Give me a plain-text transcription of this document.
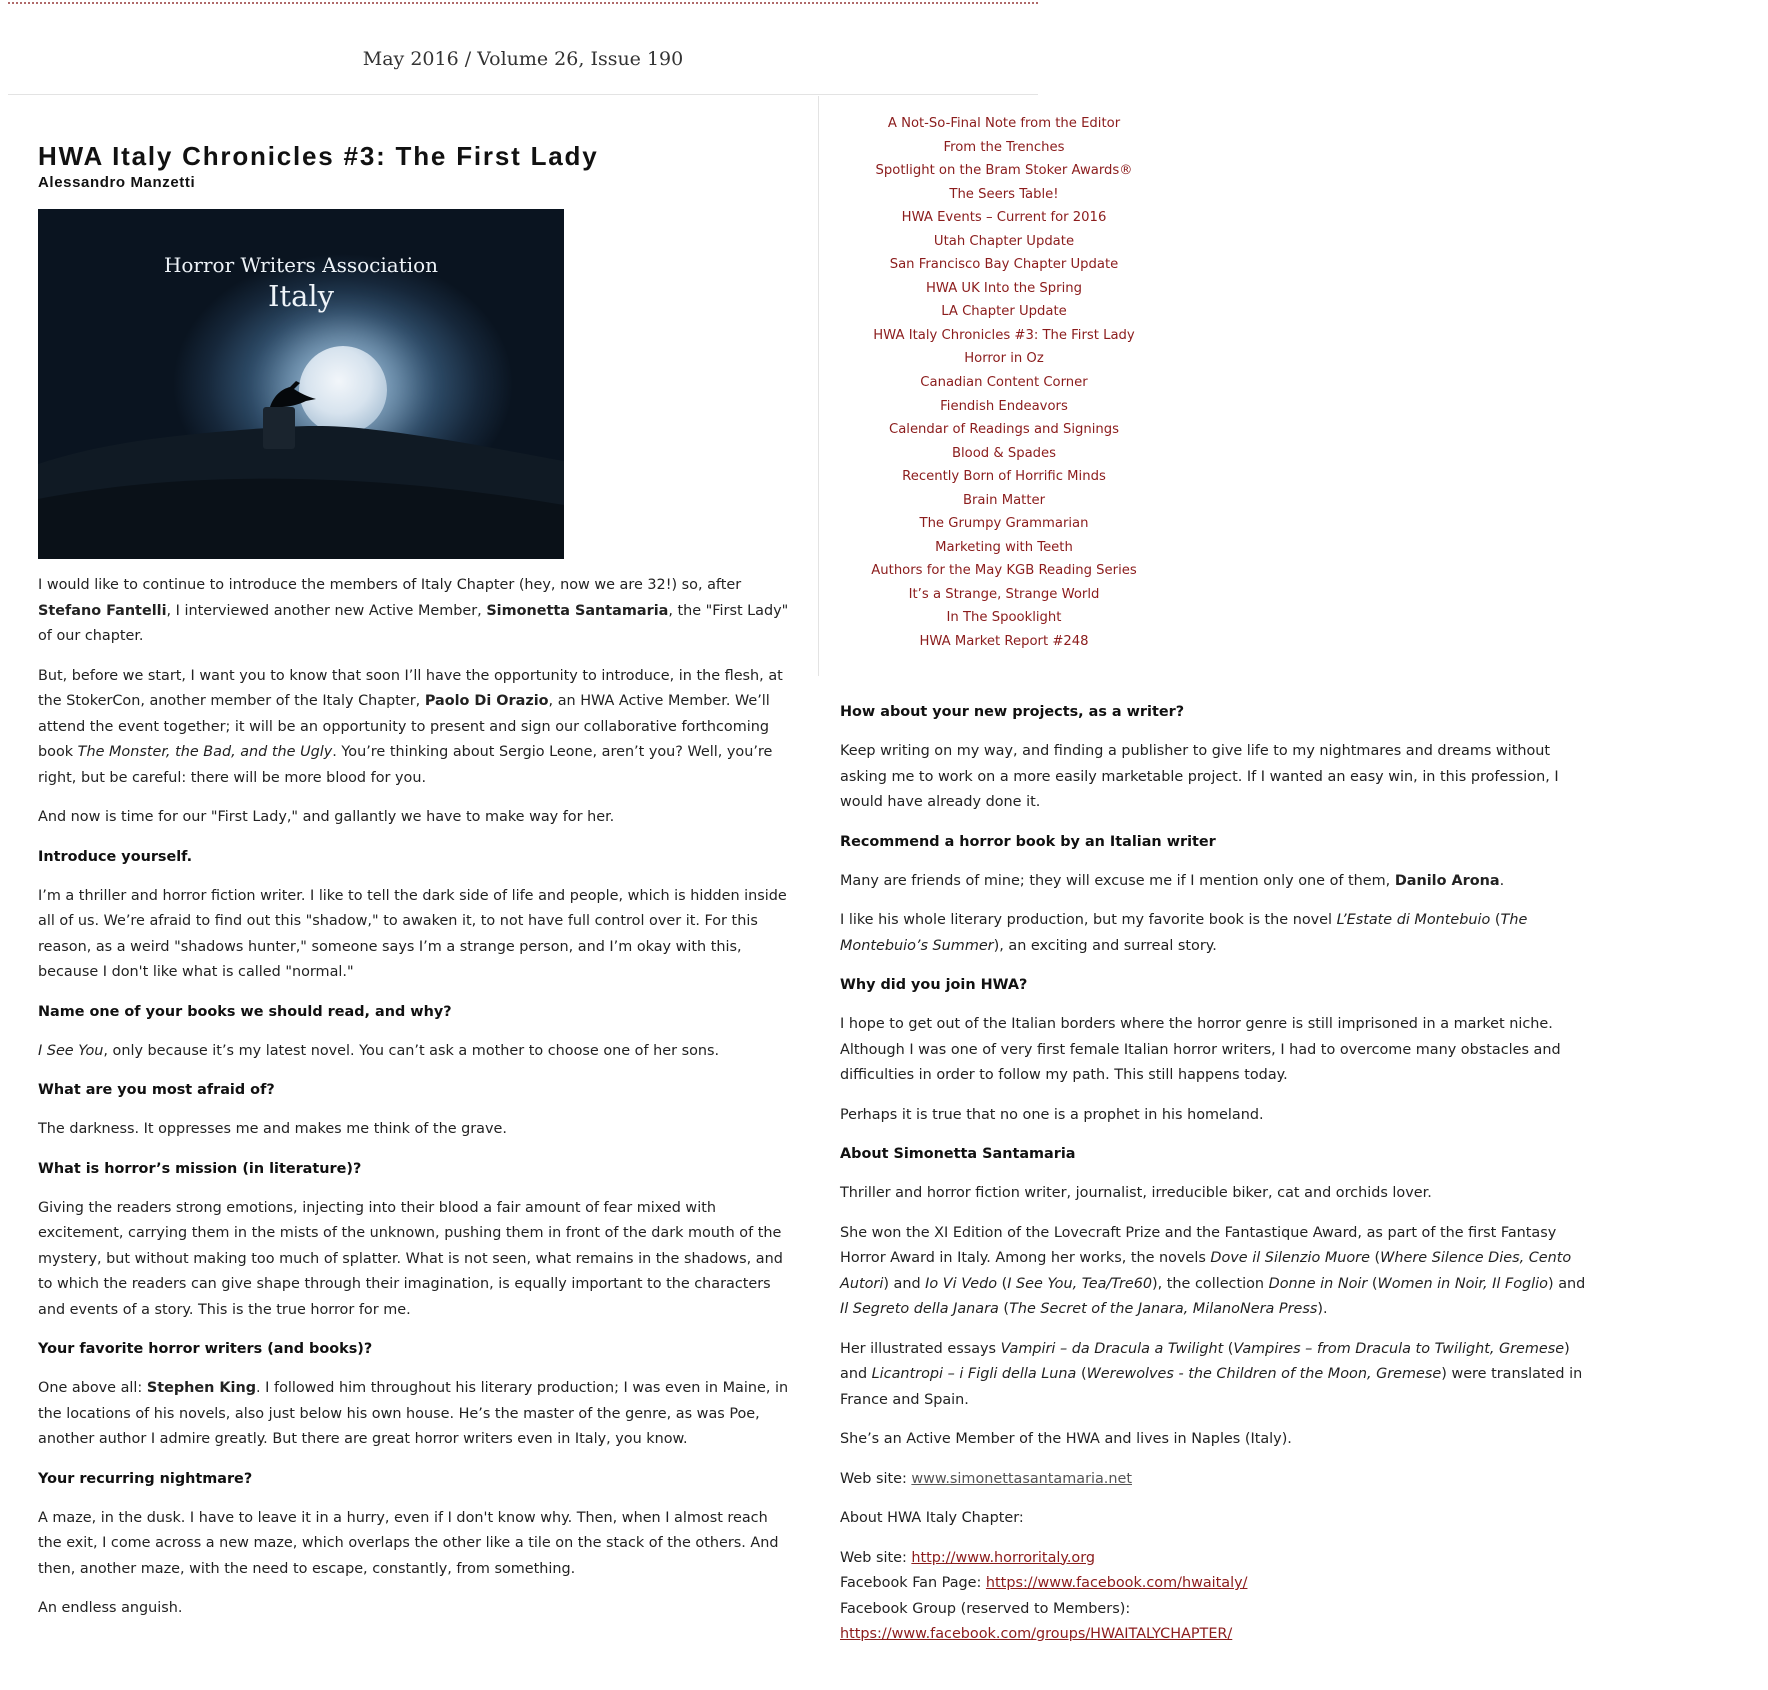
May 2016 / Volume 26, Issue 190
HWA Italy Chronicles #3: The First Lady
Alessandro Manzetti
Horror Writers Association
Italy

I would like to continue to introduce the members of Italy Chapter (hey, now we are 32!) so, after Stefano Fantelli, I interviewed another new Active Member, Simonetta Santamaria, the "First Lady" of our chapter.

But, before we start, I want you to know that soon I’ll have the opportunity to introduce, in the flesh, at the StokerCon, another member of the Italy Chapter, Paolo Di Orazio, an HWA Active Member. We’ll attend the event together; it will be an opportunity to present and sign our collaborative forthcoming book The Monster, the Bad, and the Ugly. You’re thinking about Sergio Leone, aren’t you? Well, you’re right, but be careful: there will be more blood for you.

And now is time for our "First Lady," and gallantly we have to make way for her.

Introduce yourself.

I’m a thriller and horror fiction writer. I like to tell the dark side of life and people, which is hidden inside all of us. We’re afraid to find out this "shadow," to awaken it, to not have full control over it. For this reason, as a weird "shadows hunter," someone says I’m a strange person, and I’m okay with this, because I don't like what is called "normal."

Name one of your books we should read, and why?

I See You, only because it’s my latest novel. You can’t ask a mother to choose one of her sons.

What are you most afraid of?

The darkness. It oppresses me and makes me think of the grave.

What is horror’s mission (in literature)?

Giving the readers strong emotions, injecting into their blood a fair amount of fear mixed with excitement, carrying them in the mists of the unknown, pushing them in front of the dark mouth of the mystery, but without making too much of splatter. What is not seen, what remains in the shadows, and to which the readers can give shape through their imagination, is equally important to the characters and events of a story. This is the true horror for me.

Your favorite horror writers (and books)?

One above all: Stephen King. I followed him throughout his literary production; I was even in Maine, in the locations of his novels, also just below his own house. He’s the master of the genre, as was Poe, another author I admire greatly. But there are great horror writers even in Italy, you know.

Your recurring nightmare?

A maze, in the dusk. I have to leave it in a hurry, even if I don't know why. Then, when I almost reach the exit, I come across a new maze, which overlaps the other like a tile on the stack of the others. And then, another maze, with the need to escape, constantly, from something.

An endless anguish.

A Not-So-Final Note from the Editor
From the Trenches
Spotlight on the Bram Stoker Awards®
The Seers Table!
HWA Events – Current for 2016
Utah Chapter Update
San Francisco Bay Chapter Update
HWA UK Into the Spring
LA Chapter Update
HWA Italy Chronicles #3: The First Lady
Horror in Oz
Canadian Content Corner
Fiendish Endeavors
Calendar of Readings and Signings
Blood & Spades
Recently Born of Horrific Minds
Brain Matter
The Grumpy Grammarian
Marketing with Teeth
Authors for the May KGB Reading Series
It’s a Strange, Strange World
In The Spooklight
HWA Market Report #248

How about your new projects, as a writer?

Keep writing on my way, and finding a publisher to give life to my nightmares and dreams without asking me to work on a more easily marketable project. If I wanted an easy win, in this profession, I would have already done it.

Recommend a horror book by an Italian writer

Many are friends of mine; they will excuse me if I mention only one of them, Danilo Arona.

I like his whole literary production, but my favorite book is the novel L’Estate di Montebuio (The Montebuio’s Summer), an exciting and surreal story.

Why did you join HWA?

I hope to get out of the Italian borders where the horror genre is still imprisoned in a market niche. Although I was one of very first female Italian horror writers, I had to overcome many obstacles and difficulties in order to follow my path. This still happens today.

Perhaps it is true that no one is a prophet in his homeland.

About Simonetta Santamaria

Thriller and horror fiction writer, journalist, irreducible biker, cat and orchids lover.

She won the XI Edition of the Lovecraft Prize and the Fantastique Award, as part of the first Fantasy Horror Award in Italy. Among her works, the novels Dove il Silenzio Muore (Where Silence Dies, Cento Autori) and Io Vi Vedo (I See You, Tea/Tre60), the collection Donne in Noir (Women in Noir, Il Foglio) and Il Segreto della Janara (The Secret of the Janara, MilanoNera Press).

Her illustrated essays Vampiri – da Dracula a Twilight (Vampires – from Dracula to Twilight, Gremese) and Licantropi – i Figli della Luna (Werewolves - the Children of the Moon, Gremese) were translated in France and Spain.

She’s an Active Member of the HWA and lives in Naples (Italy).

Web site: www.simonettasantamaria.net

About HWA Italy Chapter:

Web site: http://www.horroritaly.org

Facebook Fan Page: https://www.facebook.com/hwaitaly/

Facebook Group (reserved to Members):

https://www.facebook.com/groups/HWAITALYCHAPTER/
